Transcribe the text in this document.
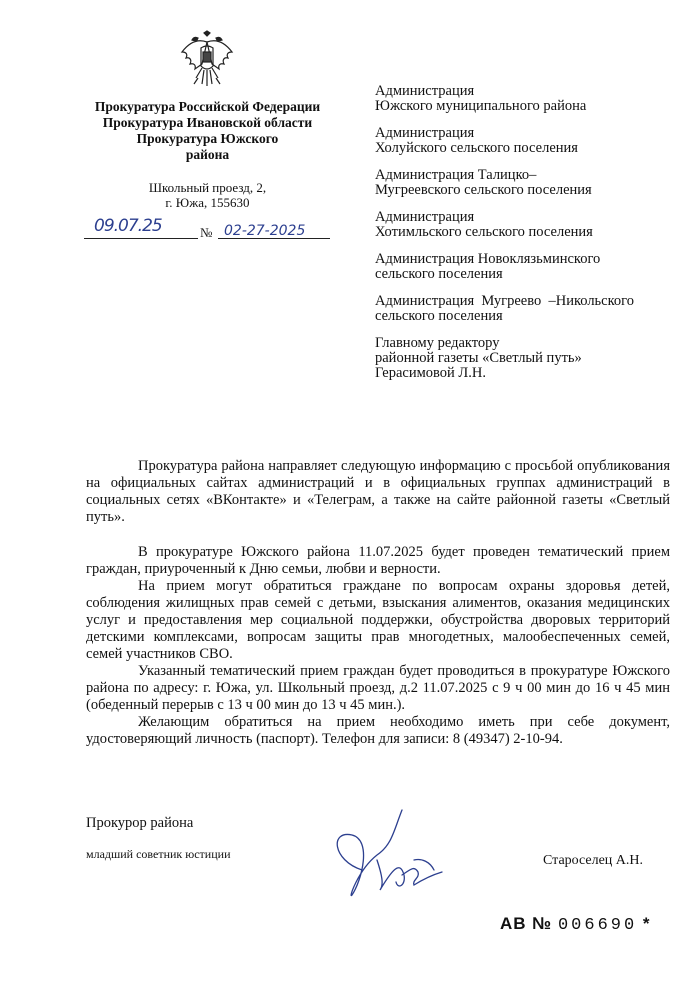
Прокуратура Российской Федерации
Прокуратура Ивановской области
Прокуратура Южского
района
Школьный проезд, 2,
г. Южа, 155630
09.07.25	№ 02-27-2025
Администрация
Южского муниципального района
Администрация
Холуйского сельского поселения
Администрация Талицко–
Мугреевского сельского поселения
Администрация
Хотимльского сельского поселения
Администрация Новоклязьминского
сельского поселения
Администрация  Мугреево  –Никольского
сельского поселения
Главному редактору
районной газеты «Светлый путь»
Герасимовой Л.Н.

Прокуратура района направляет следующую информацию с просьбой опубликования на официальных сайтах администраций и в официальных группах администраций в социальных сетях «ВКонтакте» и «Телеграм, а также на сайте районной газеты «Светлый путь».

В прокуратуре Южского района 11.07.2025 будет проведен тематический прием граждан, приуроченный к Дню семьи, любви и верности.

На прием могут обратиться граждане по вопросам охраны здоровья детей, соблюдения жилищных прав семей с детьми, взыскания алиментов, оказания медицинских услуг и предоставления мер социальной поддержки, обустройства дворовых территорий детскими комплексами, вопросам защиты прав многодетных, малообеспеченных семей, семей участников СВО.

Указанный тематический прием граждан будет проводиться в прокуратуре Южского района по адресу: г. Южа, ул. Школьный проезд, д.2 11.07.2025 с 9 ч 00 мин до 16 ч 45 мин (обеденный перерыв с 13 ч 00 мин до 13 ч 45 мин.).

Желающим обратиться на прием необходимо иметь при себе документ, удостоверяющий личность (паспорт). Телефон для записи: 8 (49347) 2-10-94.

Прокурор района
младший советник юстиции	Староселец А.Н.
АВ № 006690 *
